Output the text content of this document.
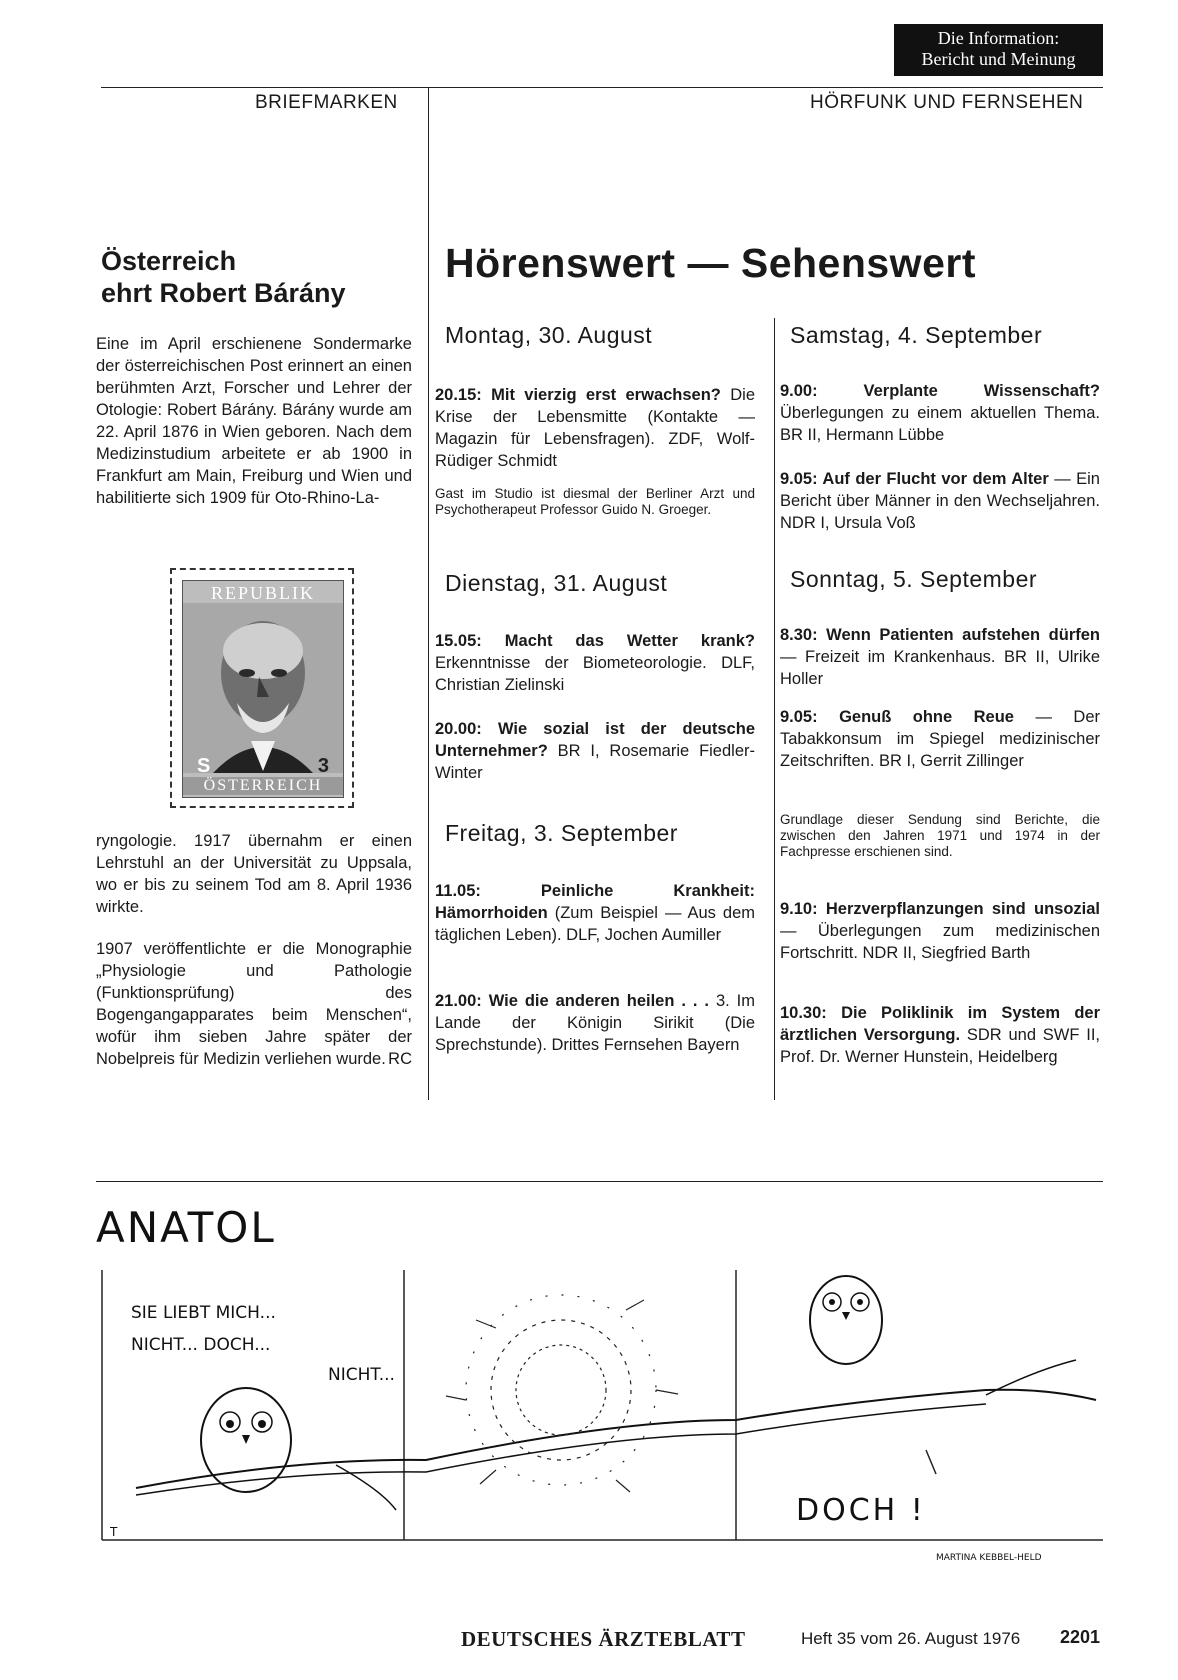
Die Information:
Bericht und Meinung
BRIEFMARKEN	HÖRFUNK UND FERNSEHEN
Österreich
ehrt Robert Bárány
Eine im April erschienene Sondermarke der österreichischen Post erinnert an einen berühmten Arzt, Forscher und Lehrer der Otologie: Robert Bárány. Bárány wurde am 22. April 1876 in Wien geboren. Nach dem Medizinstudium arbeitete er ab 1900 in Frankfurt am Main, Freiburg und Wien und habilitierte sich 1909 für Oto-Rhino-La-
REPUBLIK
S	3
ÖSTERREICH
ryngologie. 1917 übernahm er einen Lehrstuhl an der Universität zu Uppsala, wo er bis zu seinem Tod am 8. April 1936 wirkte.
1907 veröffentlichte er die Monographie „Physiologie und Pathologie (Funktionsprüfung) des Bogengangapparates beim Menschen“, wofür ihm sieben Jahre später der Nobelpreis für Medizin verliehen wurde. RC
Hörenswert — Sehenswert
Montag, 30. August
20.15: Mit vierzig erst erwachsen? Die Krise der Lebensmitte (Kontakte — Magazin für Lebensfragen). ZDF, Wolf-Rüdiger Schmidt
Gast im Studio ist diesmal der Berliner Arzt und Psychotherapeut Professor Guido N. Groeger.
Dienstag, 31. August
15.05: Macht das Wetter krank? Erkenntnisse der Biometeorologie. DLF, Christian Zielinski
20.00: Wie sozial ist der deutsche Unternehmer? BR I, Rosemarie Fiedler-Winter
Freitag, 3. September
11.05: Peinliche Krankheit: Hämorrhoiden (Zum Beispiel — Aus dem täglichen Leben). DLF, Jochen Aumiller
21.00: Wie die anderen heilen . . . 3. Im Lande der Königin Sirikit (Die Sprechstunde). Drittes Fernsehen Bayern
Samstag, 4. September
9.00: Verplante Wissenschaft? Überlegungen zu einem aktuellen Thema. BR II, Hermann Lübbe
9.05: Auf der Flucht vor dem Alter — Ein Bericht über Männer in den Wechseljahren. NDR I, Ursula Voß
Sonntag, 5. September
8.30: Wenn Patienten aufstehen dürfen — Freizeit im Krankenhaus. BR II, Ulrike Holler
9.05: Genuß ohne Reue — Der Tabakkonsum im Spiegel medizinischer Zeitschriften. BR I, Gerrit Zillinger
Grundlage dieser Sendung sind Berichte, die zwischen den Jahren 1971 und 1974 in der Fachpresse erschienen sind.
9.10: Herzverpflanzungen sind unsozial — Überlegungen zum medizinischen Fortschritt. NDR II, Siegfried Barth
10.30: Die Poliklinik im System der ärztlichen Versorgung. SDR und SWF II, Prof. Dr. Werner Hunstein, Heidelberg
ANATOL
SIE LIEBT MICH...
NICHT... DOCH...
NICHT...
DOCH !
T
MARTINA KEBBEL-HELD
DEUTSCHES ÄRZTEBLATT	Heft 35 vom 26. August 1976 2201
